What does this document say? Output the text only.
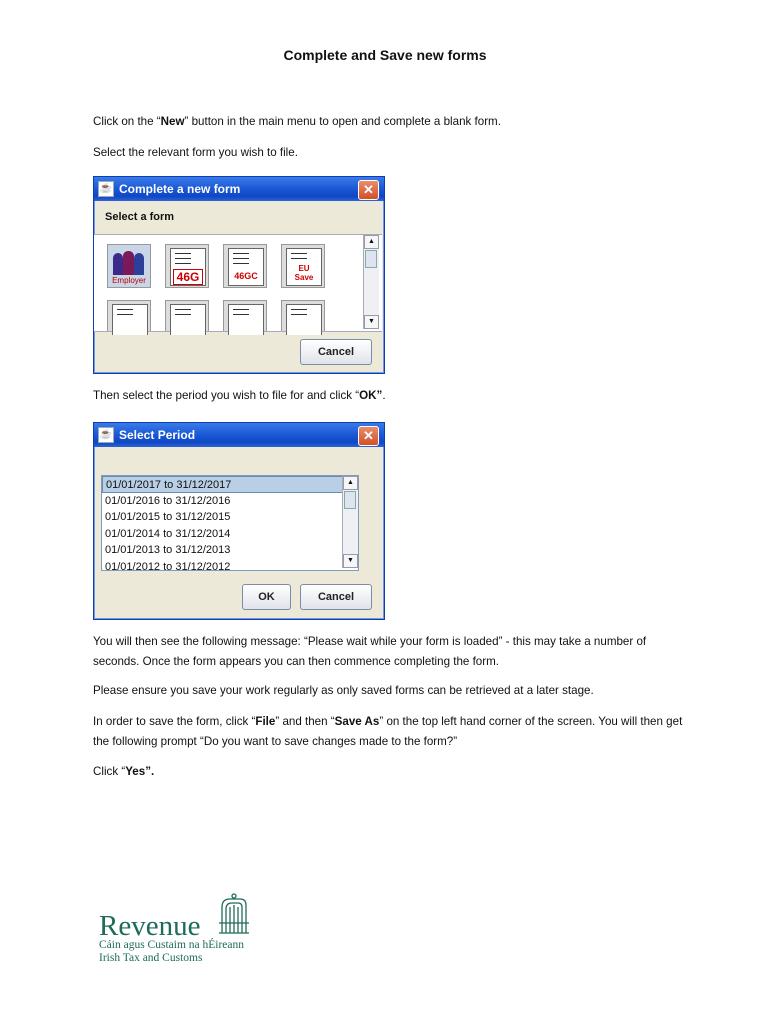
Complete and Save new forms

Click on the “New” button in the main menu to open and complete a blank form.

Select the relevant form you wish to file.

☕ Complete a new form	✕
Select a form
Employer	46G	46GC
EU Save
▲
▼
Cancel

Then select the period you wish to file for and click “OK”.

☕ Select Period	✕
01/01/2017 to 31/12/2017
01/01/2016 to 31/12/2016
01/01/2015 to 31/12/2015
01/01/2014 to 31/12/2014
01/01/2013 to 31/12/2013
01/01/2012 to 31/12/2012
▲
▼
OK	Cancel

You will then see the following message: “Please wait while your form is loaded” - this may take a number of seconds. Once the form appears you can then commence completing the form.

Please ensure you save your work regularly as only saved forms can be retrieved at a later stage.

In order to save the form, click “File” and then “Save As” on the top left hand corner of the screen. You will then get the following prompt “Do you want to save changes made to the form?”

Click “Yes”.

Revenue
Cáin agus Custaim na hÉireann
Irish Tax and Customs
